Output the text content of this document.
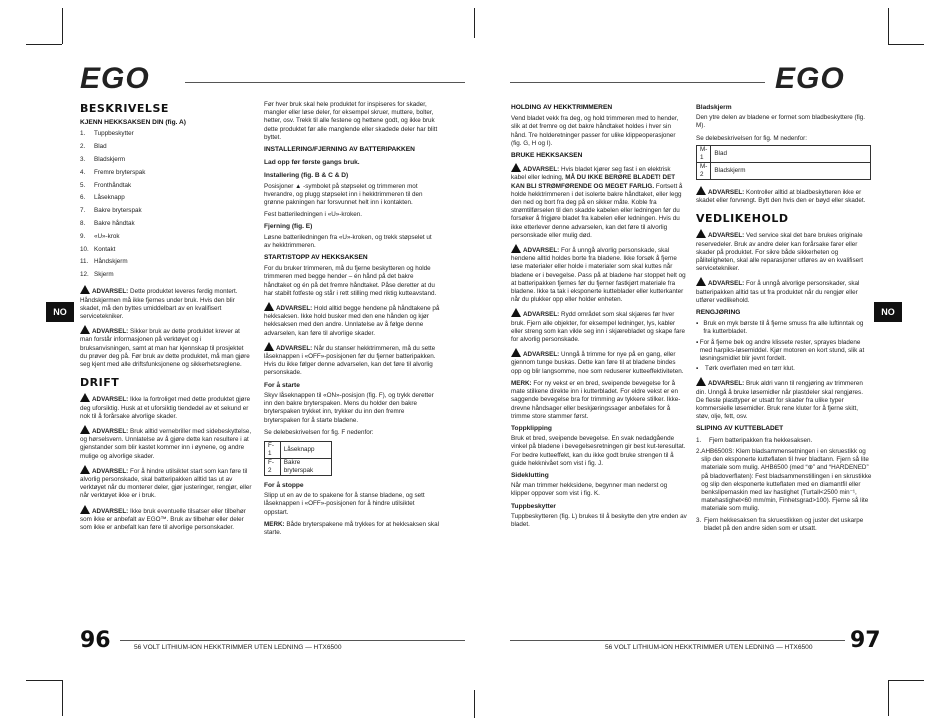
EGO	EGO
NO	NO
BESKRIVELSE
KJENN HEKKSAKSEN DIN (fig. A)
1.	Tuppbeskytter
2.	Blad
3.	Bladskjerm
4.	Fremre bryterspak
5.	Fronthåndtak
6.	Låseknapp
7.	Bakre bryterspak
8.	Bakre håndtak
9.	«U»-krok
10. Kontakt
11. Håndskjerm
12. Skjerm

ADVARSEL: Dette produktet leveres ferdig montert. Håndskjermen må ikke fjernes under bruk. Hvis den blir skadet, må den byttes umiddelbart av en kvalifisert servicetekniker.

ADVARSEL: Sikker bruk av dette produktet krever at man forstår informasjonen på verktøyet og i bruksanvisningen, samt at man har kjennskap til prosjektet du prøver deg på. Før bruk av dette produktet, må man gjøre seg kjent med alle driftsfunksjonene og sikkerhetsreglene.

DRIFT

ADVARSEL: Ikke la fortroliget med dette produktet gjøre deg uforsiktig. Husk at et uforsiktig tiendedel av et sekund er nok til å forårsake alvorlige skader.

ADVARSEL: Bruk alltid vernebriller med sidebeskyttelse, og hørselsvern. Unnlatelse av å gjøre dette kan resultere i at gjenstander som blir kastet kommer inn i øynene, og andre mulige og alvorlige skader.

ADVARSEL: For å hindre utilsiktet start som kan føre til alvorlig personskade, skal batteripakken alltid tas ut av verktøyet når du monterer deler, gjør justeringer, rengjør, eller når verktøyet ikke er i bruk.

ADVARSEL: Ikke bruk eventuelle tilsatser eller tilbehør som ikke er anbefalt av EGO™. Bruk av tilbehør eller deler som ikke er anbefalt kan føre til alvorlige personskader.

Før hver bruk skal hele produktet for inspiseres for skader, mangler eller løse deler, for eksempel skruer, muttere, bolter, hetter, osv. Trekk til alle festene og hettene godt, og ikke bruk dette produktet før alle manglende eller skadede deler har blitt byttet.

INSTALLERING/FJERNING AV BATTERIPAKKEN
Lad opp før første gangs bruk.
Installering (fig. B & C & D)

Posisjoner ▲ -symbolet på støpselet og trimmeren mot hverandre, og plugg støpselet inn i hekktrimmeren til den grønne pakningen har forsvunnet helt inn i kontakten.

Fest batteriledningen i «U»-kroken.

Fjerning (fig. E)

Løsne batteriledningen fra «U»-kroken, og trekk støpselet ut av hekktrimmeren.

START/STOPP AV HEKKSAKSEN

For du bruker trimmeren, må du fjerne beskytteren og holde trimmeren med begge hender – én hånd på det bakre håndtaket og én på det fremre håndtaket. Påse deretter at du har stabilt fotfeste og står i rett stilling med riktig kutteavstand.

ADVARSEL: Hold alltid begge hendene på håndtakene på hekksaksen. Ikke hold busker med den ene hånden og kjør hekksaksen med den andre. Unnlatelse av å følge denne advarselen, kan føre til alvorlige skader.

ADVARSEL: Når du stanser hekktrimmeren, må du sette låseknappen i «OFF»-posisjonen før du fjerner batteripakken. Hvis du ikke følger denne advarselen, kan det føre til alvorlig personskade.

For å starte

Skyv låseknappen til «ON»-posisjon (fig. F), og trykk deretter inn den bakre bryterspaken. Mens du holder den bakre bryterspaken trykket inn, trykker du inn den fremre bryterspaken for å starte bladene.

Se delebeskrivelsen for fig. F nedenfor:

F-1	Låseknapp
F-2	Bakre bryterspak
For å stoppe

Slipp ut en av de to spakene for å stanse bladene, og sett låseknappen i «OFF»-posisjonen for å hindre utilsiktet oppstart.

MERK: Både bryterspakene må trykkes for at hekksaksen skal starte.

96	56 VOLT LITHIUM-ION HEKKTRIMMER UTEN LEDNING — HTX6500
HOLDING AV HEKKTRIMMEREN

Vend bladet vekk fra deg, og hold trimmeren med to hender, slik at det fremre og det bakre håndtaket holdes i hver sin hånd. Tre holderetninger passer for ulike klippeoperasjoner (fig. G, H og I).

BRUKE HEKKSAKSEN

ADVARSEL: Hvis bladet kjører seg fast i en elektrisk kabel eller ledning, MÅ DU IKKE BERØRE BLADET! DET KAN BLI STRØMFØRENDE OG MEGET FARLIG. Fortsett å holde hekktrimmeren i det isolerte bakre håndtaket, eller legg den ned og bort fra deg på en sikker måte. Koble fra strømtilførselen til den skadde kabelen eller ledningen før du forsøker å frigjøre bladet fra kabelen eller ledningen. Hvis du ikke etterlever denne advarselen, kan det føre til alvorlig personskade eller mulig død.

ADVARSEL: For å unngå alvorlig personskade, skal hendene alltid holdes borte fra bladene. Ikke forsøk å fjerne løse materialer eller holde i materialer som skal kuttes når bladene er i bevegelse. Pass på at bladene har stoppet helt og at batteripakken fjernes før du fjerner fastkjørt materiale fra bladene. Ikke ta tak i eksponerte kutteblader eller kutterkanter når du plukker opp eller holder enheten.

ADVARSEL: Rydd området som skal skjæres før hver bruk. Fjern alle objekter, for eksempel ledninger, lys, kabler eller streng som kan vikle seg inn i skjærebladet og skape fare for alvorlig personskade.

ADVARSEL: Unngå å trimme for nye på en gang, eller gjennom tunge buskas. Dette kan føre til at bladene bindes opp og blir langsomme, noe som reduserer kutteeffektiviteten.

MERK: For ny vekst er en bred, sveipende bevegelse for å mate stilkene direkte inn i kutterbladet. For eldre vekst er en saggende bevegelse bra for trimming av tykkere stilker. Ikke-drevne håndsager eller beskjæringssager anbefales for å trimme store stammer først.

Toppklipping

Bruk et bred, sveipende bevegelse. En svak nedadgående vinkel på bladene i bevegelsesretningen gir best kut-teresultat. For bedre kutteeffekt, kan du ikke godt bruke strengen til å guide hekknivået som vist i fig. J.

Sideklutting

Når man trimmer hekksidene, begynner man nederst og klipper oppover som vist i fig. K.

Tuppbeskytter

Tuppbeskytteren (fig. L) brukes til å beskytte den ytre enden av bladet.

Bladskjerm

Den ytre delen av bladene er formet som bladbeskyttere (fig. M).

Se delebeskrivelsen for fig. M nedenfor:

M-1	Blad
M-2	Bladskjerm

ADVARSEL: Kontroller alltid at bladbeskytteren ikke er skadet eller forvrengt. Bytt den hvis den er bøyd eller skadet.

VEDLIKEHOLD

ADVARSEL: Ved service skal det bare brukes originale reservedeler. Bruk av andre deler kan forårsake farer eller skader på produktet. For sikre både sikkerheten og påliteligheten, skal alle reparasjoner utføres av en kvalifisert servicetekniker.

ADVARSEL: For å unngå alvorlige personskader, skal batteripakken alltid tas ut fra produktet når du rengjør eller utfører vedlikehold.

RENGJØRING
▪ Bruk en myk børste til å fjerne smuss fra alle luftinntak og fra kutterbladet.
▪ For å fjerne bek og andre klissete rester, sprayes bladene med harpiks-løsemiddel. Kjør motoren en kort stund, slik at løsningsmidlet blir jevnt fordelt.
▪	Tørk overflaten med en tørr klut.

ADVARSEL: Bruk aldri vann til rengjøring av trimmeren din. Unngå å bruke løsemidler når plastdeler skal rengjøres. De fleste plasttyper er utsatt for skader fra ulike typer kommersielle løsemidler. Bruk rene kluter for å fjerne skitt, støv, olje, fett, osv.

SLIPING AV KUTTEBLADET
1.	Fjern batteripakken fra hekkesaksen.
2. AHB6500S: Klem bladsammensetningen i en skruestikk og slip den eksponerte kutteflaten til hver bladtann. Fjern så lite materiale som mulig. AHB6500 (med “⊕” and “HARDENED” på bladoverflaten): Fest bladsammenstillingen i en skrustikke og slip den eksponerte kutteflaten med en diamantfil eller benkslipemaskin med lav hastighet (Turtall<2500 min⁻¹, matehastighet<60 mm/min, Finhetsgrad>100). Fjerne så lite materiale som mulig.
3. Fjern hekkesaksen fra skruestikken og juster det uskarpe bladet på den andre siden som er utsatt.
56 VOLT LITHIUM-ION HEKKTRIMMER UTEN LEDNING — HTX6500 97
